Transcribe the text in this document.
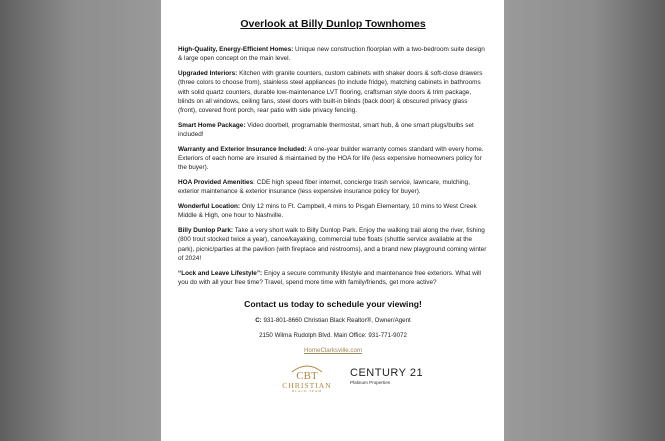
Overlook at Billy Dunlop Townhomes

High-Quality, Energy-Efficient Homes: Unique new construction floorplan with a two-bedroom suite design & large open concept on the main level.

Upgraded Interiors: Kitchen with granite counters, custom cabinets with shaker doors & soft-close drawers (three colors to choose from), stainless steel appliances (to include fridge), matching cabinets in bathrooms with solid quartz counters, durable low-maintenance LVT flooring, craftsman style doors & trim package, blinds on all windows, ceiling fans, steel doors with built-in blinds (back door) & obscured privacy glass (front), covered front porch, rear patio with side privacy fencing.

Smart Home Package: Video doorbell, programable thermostat, smart hub, & one smart plugs/bulbs set included!

Warranty and Exterior Insurance Included: A one-year builder warranty comes standard with every home. Exteriors of each home are insured & maintained by the HOA for life (less expensive homeowners policy for the buyer).

HOA Provided Amenities: CDE high speed fiber internet, concierge trash service, lawncare, mulching, exterior maintenance & exterior insurance (less expensive insurance policy for buyer).

Wonderful Location: Only 12 mins to Ft. Campbell, 4 mins to Pisgah Elementary, 10 mins to West Creek Middle & High, one hour to Nashville.

Billy Dunlop Park: Take a very short walk to Billy Dunlop Park. Enjoy the walking trail along the river, fishing (800 trout stocked twice a year), canoe/kayaking, commercial tube floats (shuttle service available at the park), picnic/parties at the pavilion (with fireplace and restrooms), and a brand new playground coming winter of 2024!

“Lock and Leave Lifestyle”: Enjoy a secure community lifestyle and maintenance free exteriors. What will you do with all your free time? Travel, spend more time with family/friends, get more active?

Contact us today to schedule your viewing!
C: 931-801-8660 Christian Black Realtor®, Owner/Agent
2150 Wilma Rudolph Blvd. Main Office: 931-771-9072
HomeClarksville.com
CBT
CHRISTIAN
BLACK TEAM
CENTURY 21
Platinum Properties
